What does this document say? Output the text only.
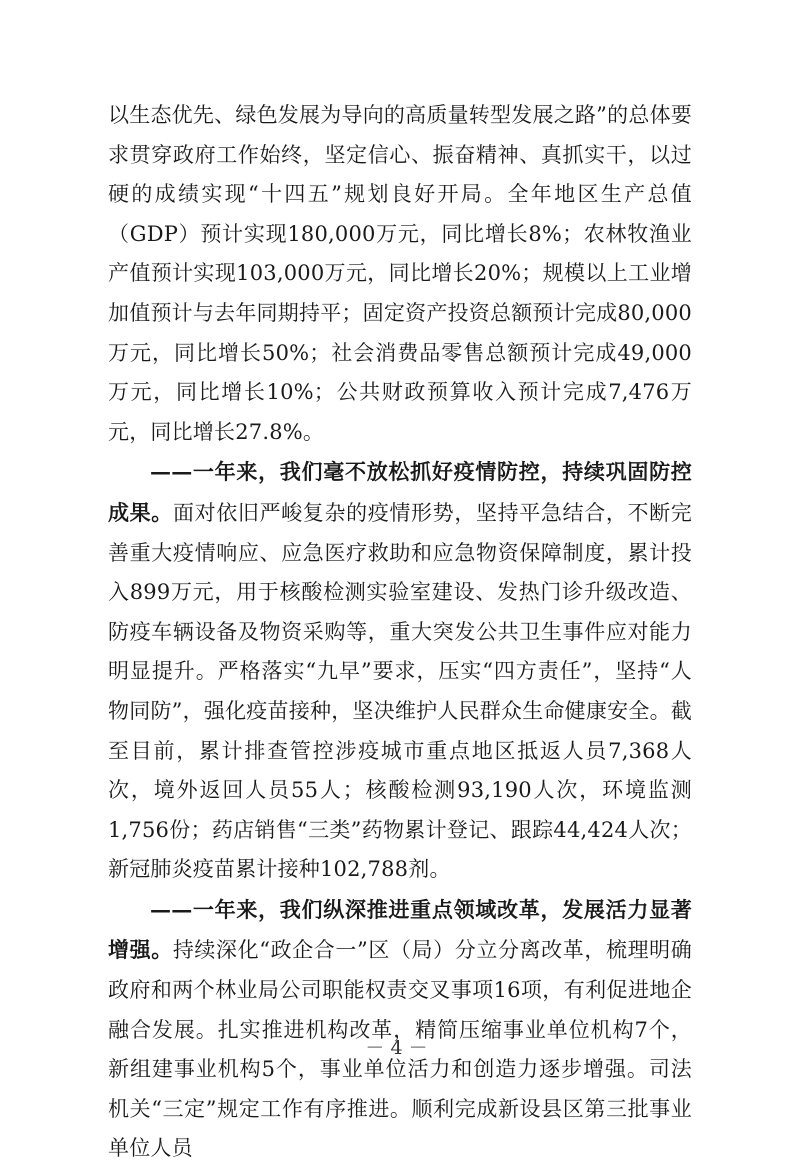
以生态优先、绿色发展为导向的高质量转型发展之路”的总体要求贯穿政府工作始终，坚定信心、振奋精神、真抓实干，以过硬的成绩实现“十四五”规划良好开局。全年地区生产总值（GDP）预计实现180,000万元，同比增长8%；农林牧渔业产值预计实现103,000万元，同比增长20%；规模以上工业增加值预计与去年同期持平；固定资产投资总额预计完成80,000万元，同比增长50%；社会消费品零售总额预计完成49,000万元，同比增长10%；公共财政预算收入预计完成7,476万元，同比增长27.8%。

——一年来，我们毫不放松抓好疫情防控，持续巩固防控成果。面对依旧严峻复杂的疫情形势，坚持平急结合，不断完善重大疫情响应、应急医疗救助和应急物资保障制度，累计投入899万元，用于核酸检测实验室建设、发热门诊升级改造、防疫车辆设备及物资采购等，重大突发公共卫生事件应对能力明显提升。严格落实“九早”要求，压实“四方责任”，坚持“人物同防”，强化疫苗接种，坚决维护人民群众生命健康安全。截至目前，累计排查管控涉疫城市重点地区抵返人员7,368人次，境外返回人员55人；核酸检测93,190人次，环境监测1,756份；药店销售“三类”药物累计登记、跟踪44,424人次；新冠肺炎疫苗累计接种102,788剂。

——一年来，我们纵深推进重点领域改革，发展活力显著增强。持续深化“政企合一”区（局）分立分离改革，梳理明确政府和两个林业局公司职能权责交叉事项16项，有利促进地企融合发展。扎实推进机构改革，精简压缩事业单位机构7个，新组建事业机构5个，事业单位活力和创造力逐步增强。司法机关“三定”规定工作有序推进。顺利完成新设县区第三批事业单位人员

－ 4 －
